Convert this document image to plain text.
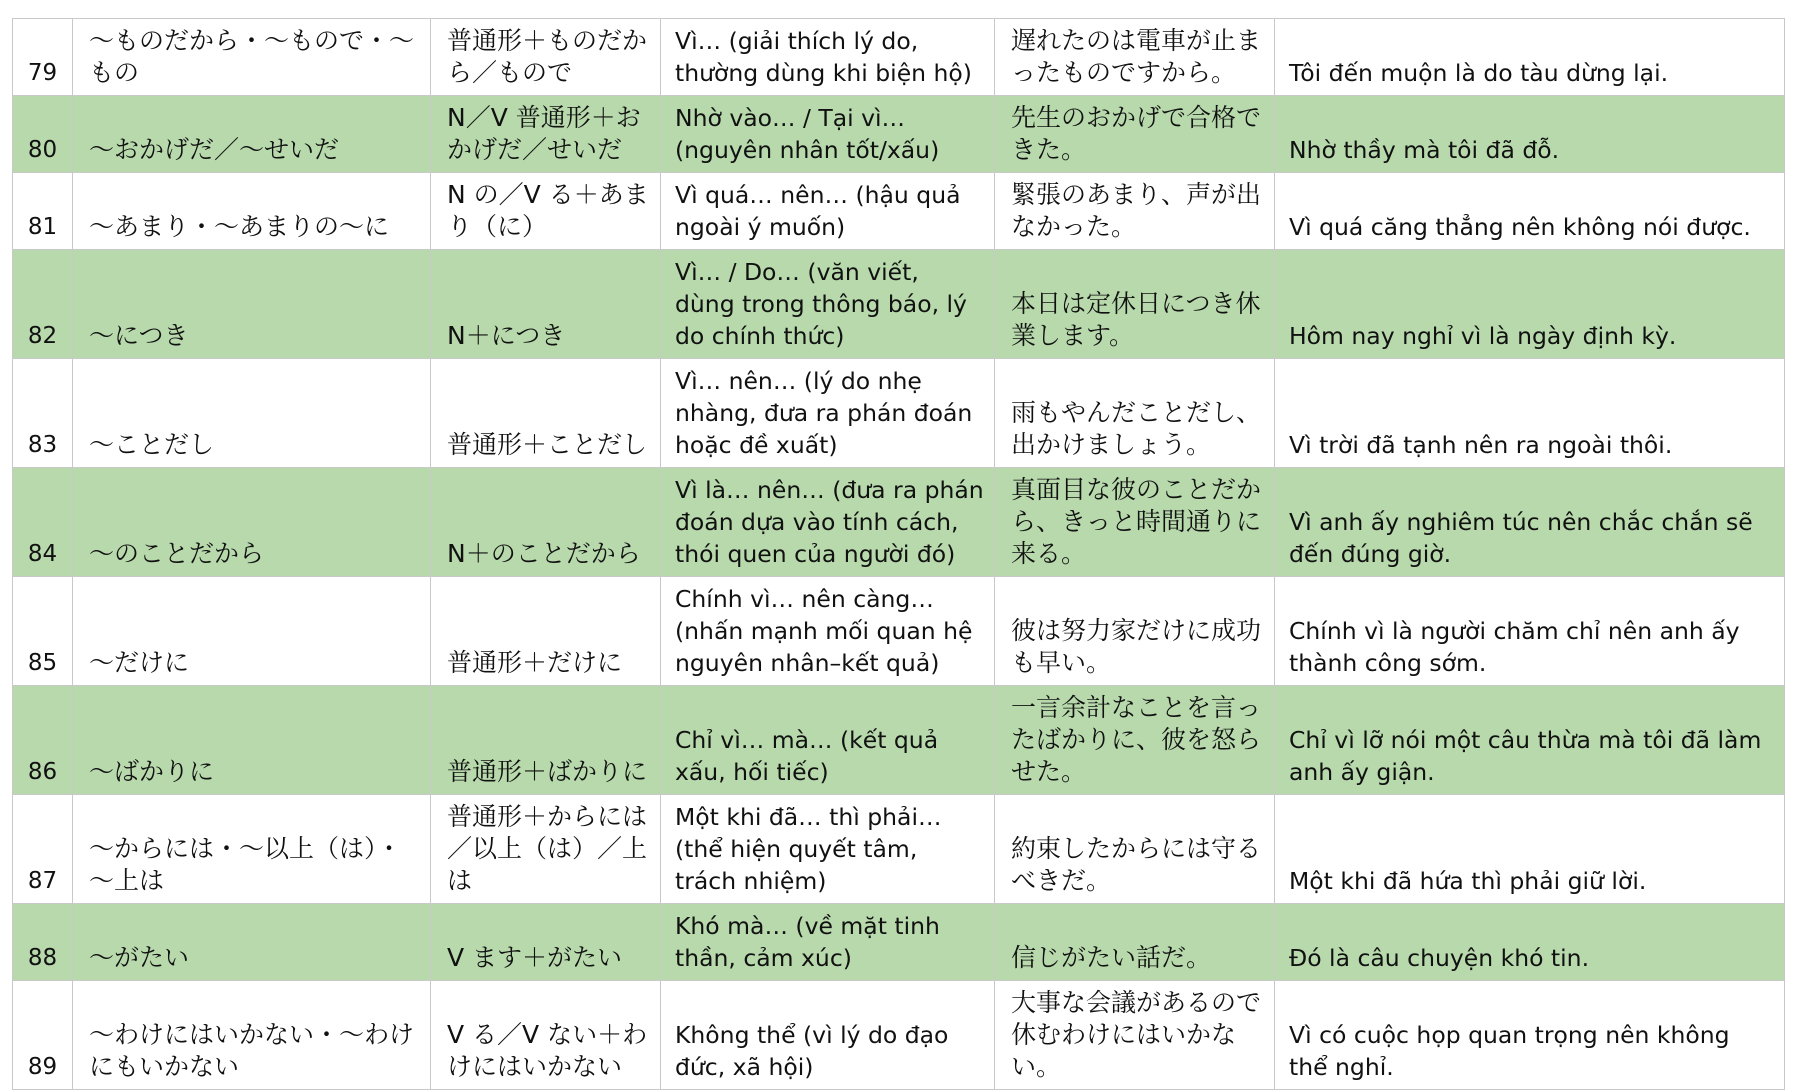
79	～ものだから・～もので・～もの	普通形＋ものだから／もので	Vì… (giải thích lý do, thường dùng khi biện hộ)	遅れたのは電車が止まったものですから。	Tôi đến muộn là do tàu dừng lại.
80	～おかげだ／～せいだ	N／V 普通形＋おかげだ／せいだ	Nhờ vào… / Tại vì… (nguyên nhân tốt/xấu)	先生のおかげで合格できた。	Nhờ thầy mà tôi đã đỗ.
81	～あまり・～あまりの～に	N の／V る＋あまり（に）	Vì quá… nên… (hậu quả ngoài ý muốn)	緊張のあまり、声が出なかった。	Vì quá căng thẳng nên không nói được.
82	～につき	N＋につき	Vì… / Do… (văn viết, dùng trong thông báo, lý do chính thức)	本日は定休日につき休業します。	Hôm nay nghỉ vì là ngày định kỳ.
83	～ことだし	普通形＋ことだし	Vì… nên… (lý do nhẹ nhàng, đưa ra phán đoán hoặc đề xuất)	雨もやんだことだし、出かけましょう。	Vì trời đã tạnh nên ra ngoài thôi.
84	～のことだから	N＋のことだから	Vì là… nên… (đưa ra phán đoán dựa vào tính cách, thói quen của người đó)	真面目な彼のことだから、きっと時間通りに来る。	Vì anh ấy nghiêm túc nên chắc chắn sẽ đến đúng giờ.
85	～だけに	普通形＋だけに	Chính vì… nên càng… (nhấn mạnh mối quan hệ nguyên nhân–kết quả)	彼は努力家だけに成功も早い。	Chính vì là người chăm chỉ nên anh ấy thành công sớm.
86	～ばかりに	普通形＋ばかりに	Chỉ vì… mà… (kết quả xấu, hối tiếc)	一言余計なことを言ったばかりに、彼を怒らせた。	Chỉ vì lỡ nói một câu thừa mà tôi đã làm anh ấy giận.
87	～からには・～以上（は）・～上は	普通形＋からには／以上（は）／上は	Một khi đã… thì phải… (thể hiện quyết tâm, trách nhiệm)	約束したからには守るべきだ。	Một khi đã hứa thì phải giữ lời.
88	～がたい	V ます＋がたい	Khó mà… (về mặt tinh thần, cảm xúc)	信じがたい話だ。	Đó là câu chuyện khó tin.
89	～わけにはいかない・～わけにもいかない	V る／V ない＋わけにはいかない	Không thể (vì lý do đạo đức, xã hội)	大事な会議があるので休むわけにはいかない。	Vì có cuộc họp quan trọng nên không thể nghỉ.
